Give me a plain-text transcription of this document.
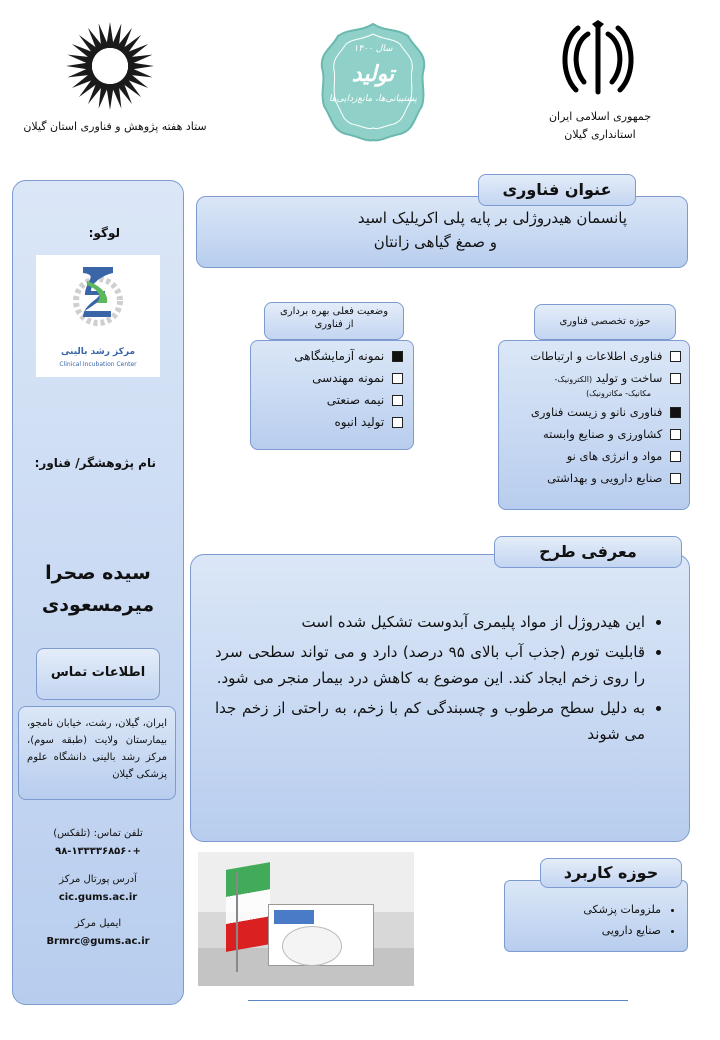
ستاد هفته پژوهش و فناوری استان گیلان
سال ۱۴۰۰
تولید
پشتیبانی‌ها، مانع‌زدایی‌ها
جمهوری اسلامی ایران
استانداری گیلان
لوگو:
مرکز رشد بالینی
Clinical Incubation Center
نام پژوهشگر/ فناور:
سیده صحرا
میرمسعودی
اطلاعات تماس
ایران، گیلان، رشت، خیابان نامجو، بیمارستان ولایت (طبقه سوم)، مرکز رشد بالینی دانشگاه علوم پزشکی گیلان
تلفن تماس: (تلفکس)
+۹۸-۱۳۳۳۳۶۸۵۶۰
آدرس پورتال مرکز
cic.gums.ac.ir
ایمیل مرکز
Brmrc@gums.ac.ir
پانسمان هیدروژلی بر پایه پلی اکریلیک اسید
و صمغ گیاهی زانتان
عنوان فناوری
وضعیت فعلی بهره برداری
از فناوری
نمونه آزمایشگاهی
نمونه مهندسی
نیمه صنعتی
تولید انبوه
حوزه تخصصی فناوری
فناوری اطلاعات و ارتباطات
ساخت و تولید (الکترونیک-
مکانیک- مکاترونیک)
فناوری نانو و زیست فناوری
کشاورزی و صنایع وابسته
مواد و انرژی های نو
صنایع دارویی و بهداشتی
• این هیدروژل از مواد پلیمری آبدوست تشکیل شده است
• قابلیت تورم (جذب آب بالای ۹۵ درصد) دارد و می تواند سطحی سرد را روی زخم ایجاد کند. این موضوع به کاهش درد بیمار منجر می شود.
• به دلیل سطح مرطوب و چسبندگی کم با زخم، به راحتی از زخم جدا می شوند
معرفی طرح
• ملزومات پزشکی
• صنایع دارویی
حوزه کاربرد
